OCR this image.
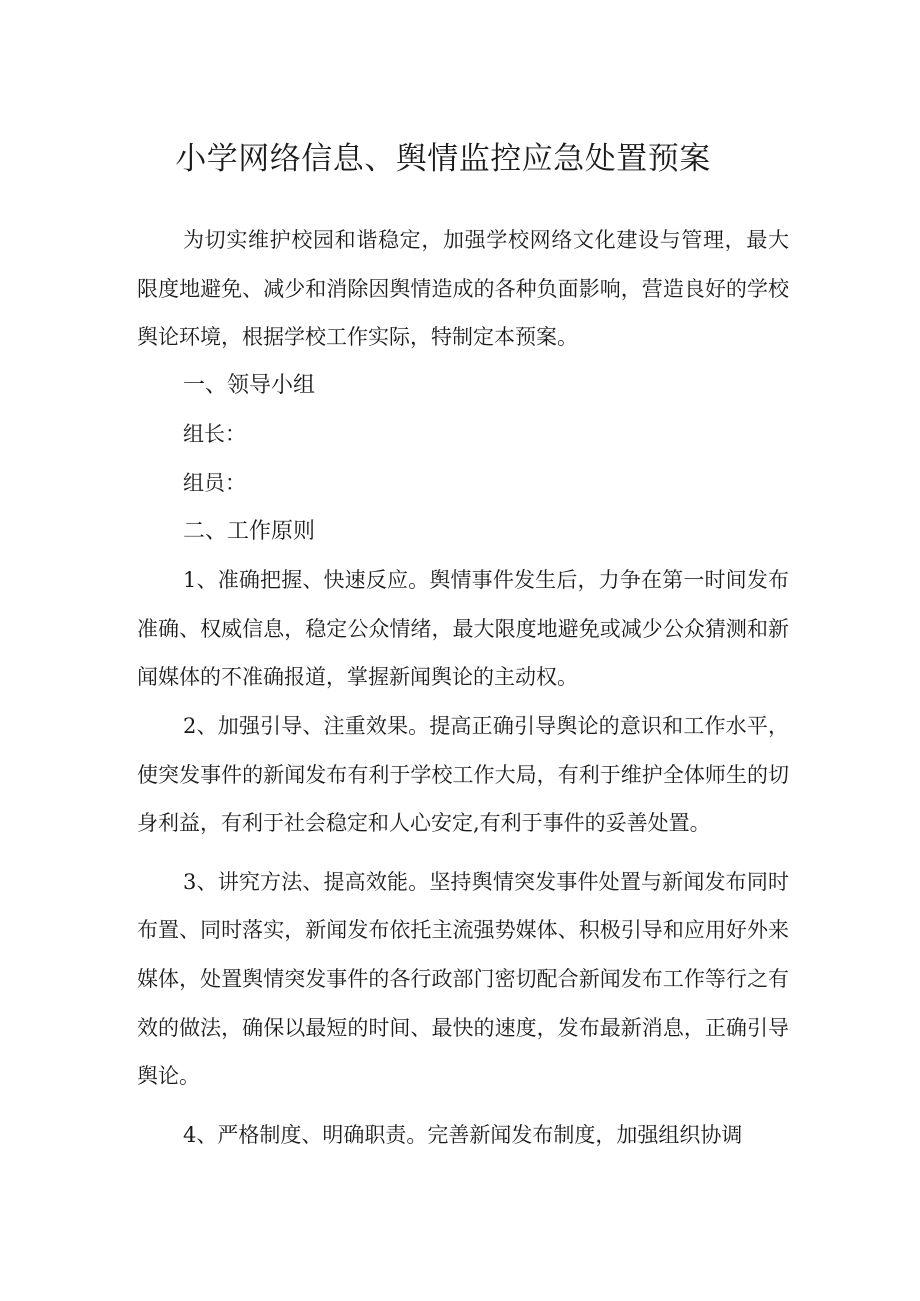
小学网络信息、舆情监控应急处置预案

为切实维护校园和谐稳定，加强学校网络文化建设与管理，最大限度地避免、减少和消除因舆情造成的各种负面影响，营造良好的学校舆论环境，根据学校工作实际，特制定本预案。

一、领导小组

组长：

组员：

二、工作原则

1、准确把握、快速反应。舆情事件发生后，力争在第一时间发布准确、权威信息，稳定公众情绪，最大限度地避免或减少公众猜测和新闻媒体的不准确报道，掌握新闻舆论的主动权。

2、加强引导、注重效果。提高正确引导舆论的意识和工作水平，使突发事件的新闻发布有利于学校工作大局，有利于维护全体师生的切身利益，有利于社会稳定和人心安定,有利于事件的妥善处置。

3、讲究方法、提高效能。坚持舆情突发事件处置与新闻发布同时布置、同时落实，新闻发布依托主流强势媒体、积极引导和应用好外来媒体，处置舆情突发事件的各行政部门密切配合新闻发布工作等行之有效的做法，确保以最短的时间、最快的速度，发布最新消息，正确引导舆论。

4、严格制度、明确职责。完善新闻发布制度，加强组织协调
